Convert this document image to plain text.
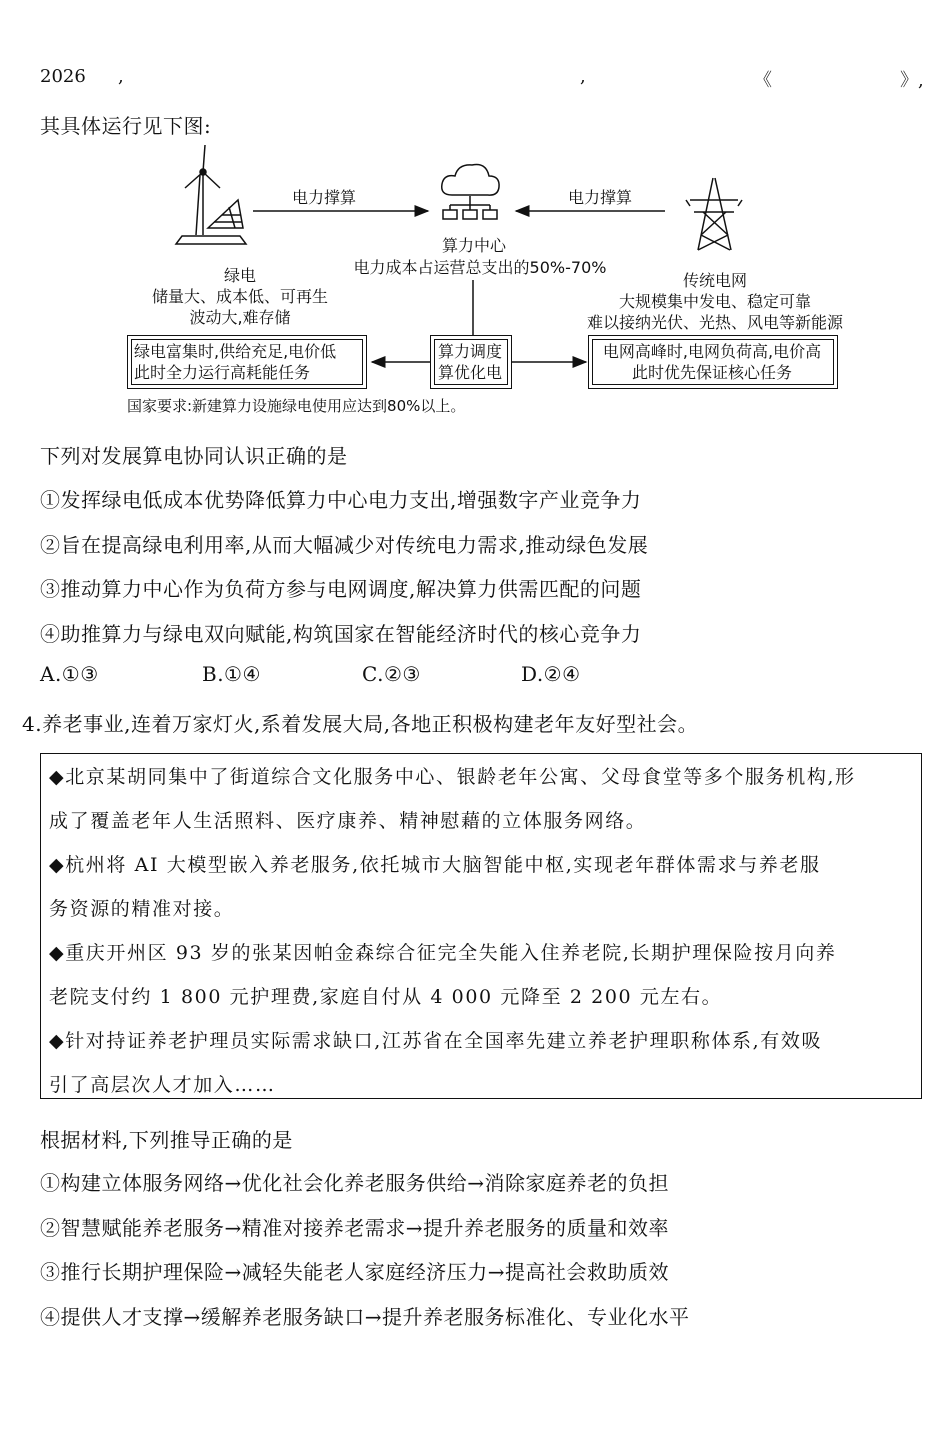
2026 ,	,	《	》,
其具体运行见下图:
电力撑算	电力撑算
算力中心
电力成本占运营总支出的50%-70%
绿电
储量大、成本低、可再生
波动大,难存储
传统电网
大规模集中发电、稳定可靠
难以接纳光伏、光热、风电等新能源
绿电富集时,供给充足,电价低
此时全力运行高耗能任务
算力调度
算优化电
电网高峰时,电网负荷高,电价高
此时优先保证核心任务
国家要求:新建算力设施绿电使用应达到80%以上。
下列对发展算电协同认识正确的是
①发挥绿电低成本优势降低算力中心电力支出,增强数字产业竞争力
②旨在提高绿电利用率,从而大幅减少对传统电力需求,推动绿色发展
③推动算力中心作为负荷方参与电网调度,解决算力供需匹配的问题
④助推算力与绿电双向赋能,构筑国家在智能经济时代的核心竞争力
A.①③	B.①④	C.②③	D.②④
4.养老事业,连着万家灯火,系着发展大局,各地正积极构建老年友好型社会。
◆北京某胡同集中了街道综合文化服务中心、银龄老年公寓、父母食堂等多个服务机构,形
成了覆盖老年人生活照料、医疗康养、精神慰藉的立体服务网络。
◆杭州将 AI 大模型嵌入养老服务,依托城市大脑智能中枢,实现老年群体需求与养老服
务资源的精准对接。
◆重庆开州区 93 岁的张某因帕金森综合征完全失能入住养老院,长期护理保险按月向养
老院支付约 1 800 元护理费,家庭自付从 4 000 元降至 2 200 元左右。
◆针对持证养老护理员实际需求缺口,江苏省在全国率先建立养老护理职称体系,有效吸
引了高层次人才加入……
根据材料,下列推导正确的是
①构建立体服务网络→优化社会化养老服务供给→消除家庭养老的负担
②智慧赋能养老服务→精准对接养老需求→提升养老服务的质量和效率
③推行长期护理保险→减轻失能老人家庭经济压力→提高社会救助质效
④提供人才支撑→缓解养老服务缺口→提升养老服务标准化、专业化水平
